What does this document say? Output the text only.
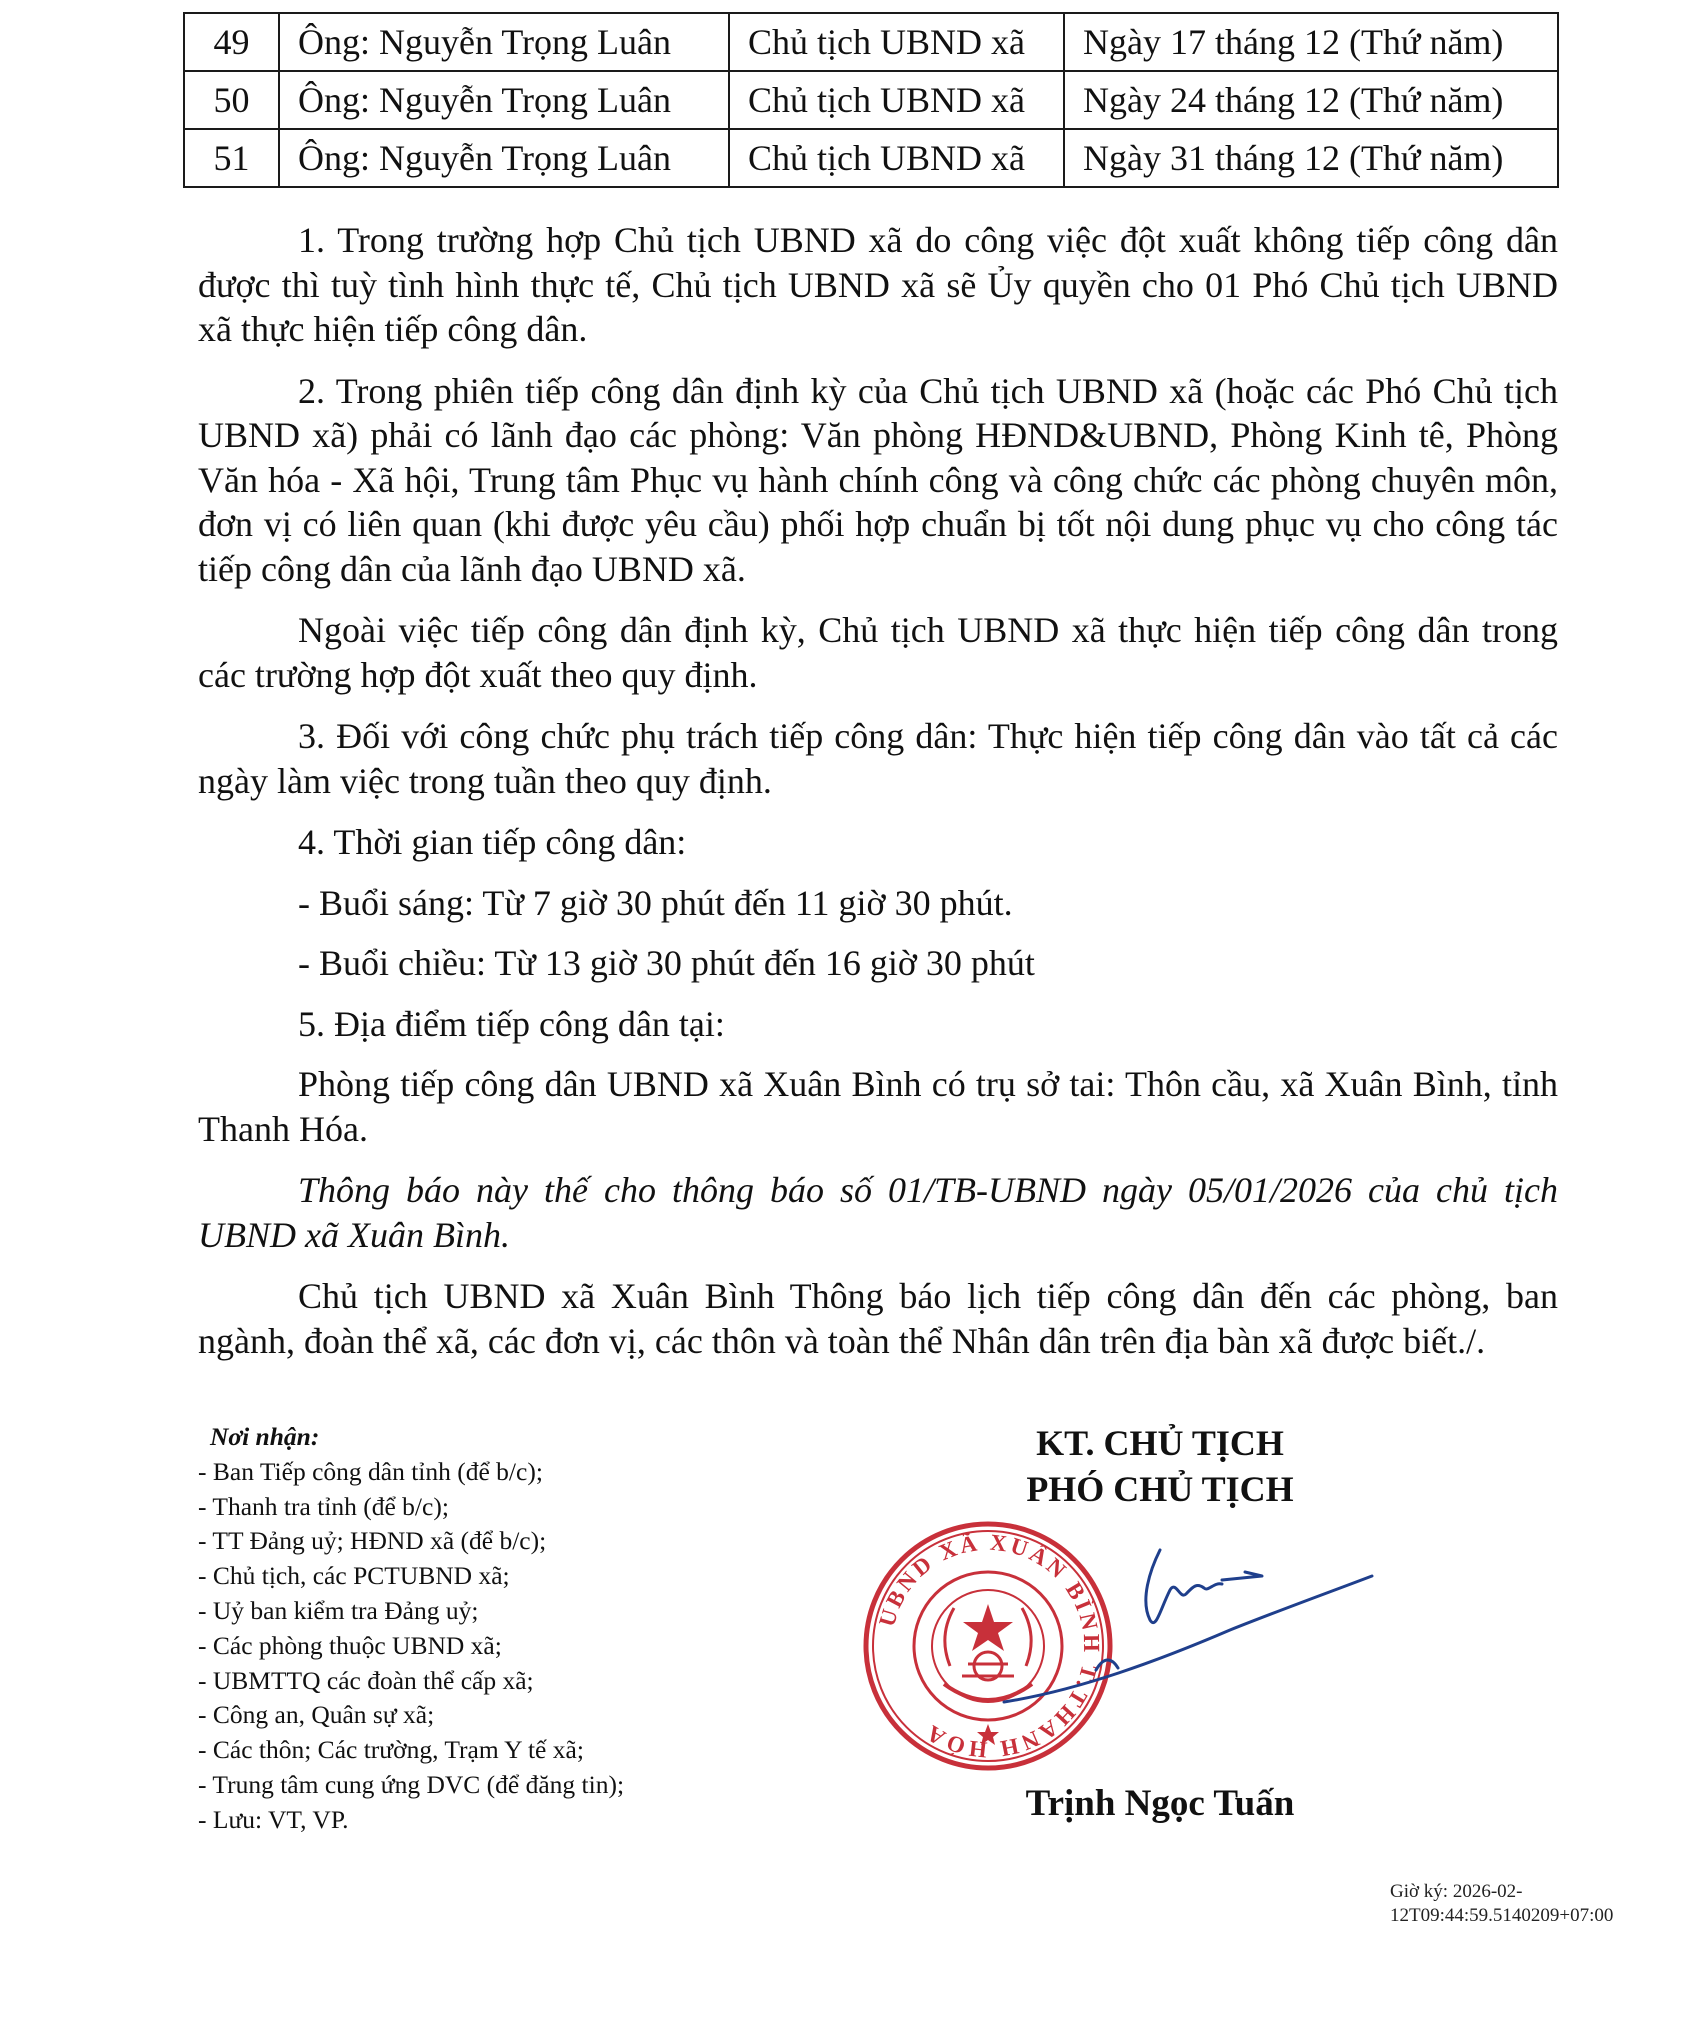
49	Ông: Nguyễn Trọng Luân	Chủ tịch UBND xã	Ngày 17 tháng 12 (Thứ năm)
50	Ông: Nguyễn Trọng Luân	Chủ tịch UBND xã	Ngày 24 tháng 12 (Thứ năm)
51	Ông: Nguyễn Trọng Luân	Chủ tịch UBND xã	Ngày 31 tháng 12 (Thứ năm)

1. Trong trường hợp Chủ tịch UBND xã do công việc đột xuất không tiếp công dân được thì tuỳ tình hình thực tế, Chủ tịch UBND xã sẽ Ủy quyền cho 01 Phó Chủ tịch UBND xã thực hiện tiếp công dân.

2. Trong phiên tiếp công dân định kỳ của Chủ tịch UBND xã (hoặc các Phó Chủ tịch UBND xã) phải có lãnh đạo các phòng: Văn phòng HĐND&UBND, Phòng Kinh tê, Phòng Văn hóa - Xã hội, Trung tâm Phục vụ hành chính công và công chức các phòng chuyên môn, đơn vị có liên quan (khi được yêu cầu) phối hợp chuẩn bị tốt nội dung phục vụ cho công tác tiếp công dân của lãnh đạo UBND xã.

Ngoài việc tiếp công dân định kỳ, Chủ tịch UBND xã thực hiện tiếp công dân trong các trường hợp đột xuất theo quy định.

3. Đối với công chức phụ trách tiếp công dân: Thực hiện tiếp công dân vào tất cả các ngày làm việc trong tuần theo quy định.

4. Thời gian tiếp công dân:

- Buổi sáng: Từ 7 giờ 30 phút đến 11 giờ 30 phút.

- Buổi chiều: Từ 13 giờ 30 phút đến 16 giờ 30 phút

5. Địa điểm tiếp công dân tại:

Phòng tiếp công dân UBND xã Xuân Bình có trụ sở tai: Thôn cầu, xã Xuân Bình, tỉnh Thanh Hóa.

Thông báo này thế cho thông báo số 01/TB-UBND ngày 05/01/2026 của chủ tịch UBND xã Xuân Bình.

Chủ tịch UBND xã Xuân Bình Thông báo lịch tiếp công dân đến các phòng, ban ngành, đoàn thể xã, các đơn vị, các thôn và toàn thể Nhân dân trên địa bàn xã được biết./.

Nơi nhận:
- Ban Tiếp công dân tỉnh (để b/c);
- Thanh tra tỉnh (để b/c);
- TT Đảng uỷ; HĐND xã (để b/c);
- Chủ tịch, các PCTUBND xã;
- Uỷ ban kiểm tra Đảng uỷ;
- Các phòng thuộc UBND xã;
- UBMTTQ các đoàn thể cấp xã;
- Công an, Quân sự xã;
- Các thôn; Các trường, Trạm Y tế xã;
- Trung tâm cung ứng DVC (để đăng tin);
- Lưu: VT, VP.
KT. CHỦ TỊCH
PHÓ CHỦ TỊCH
UBND XÃ XUÂN BÌNH T.THANH HÓA
Trịnh Ngọc Tuấn
Giờ ký: 2026-02-
12T09:44:59.5140209+07:00
